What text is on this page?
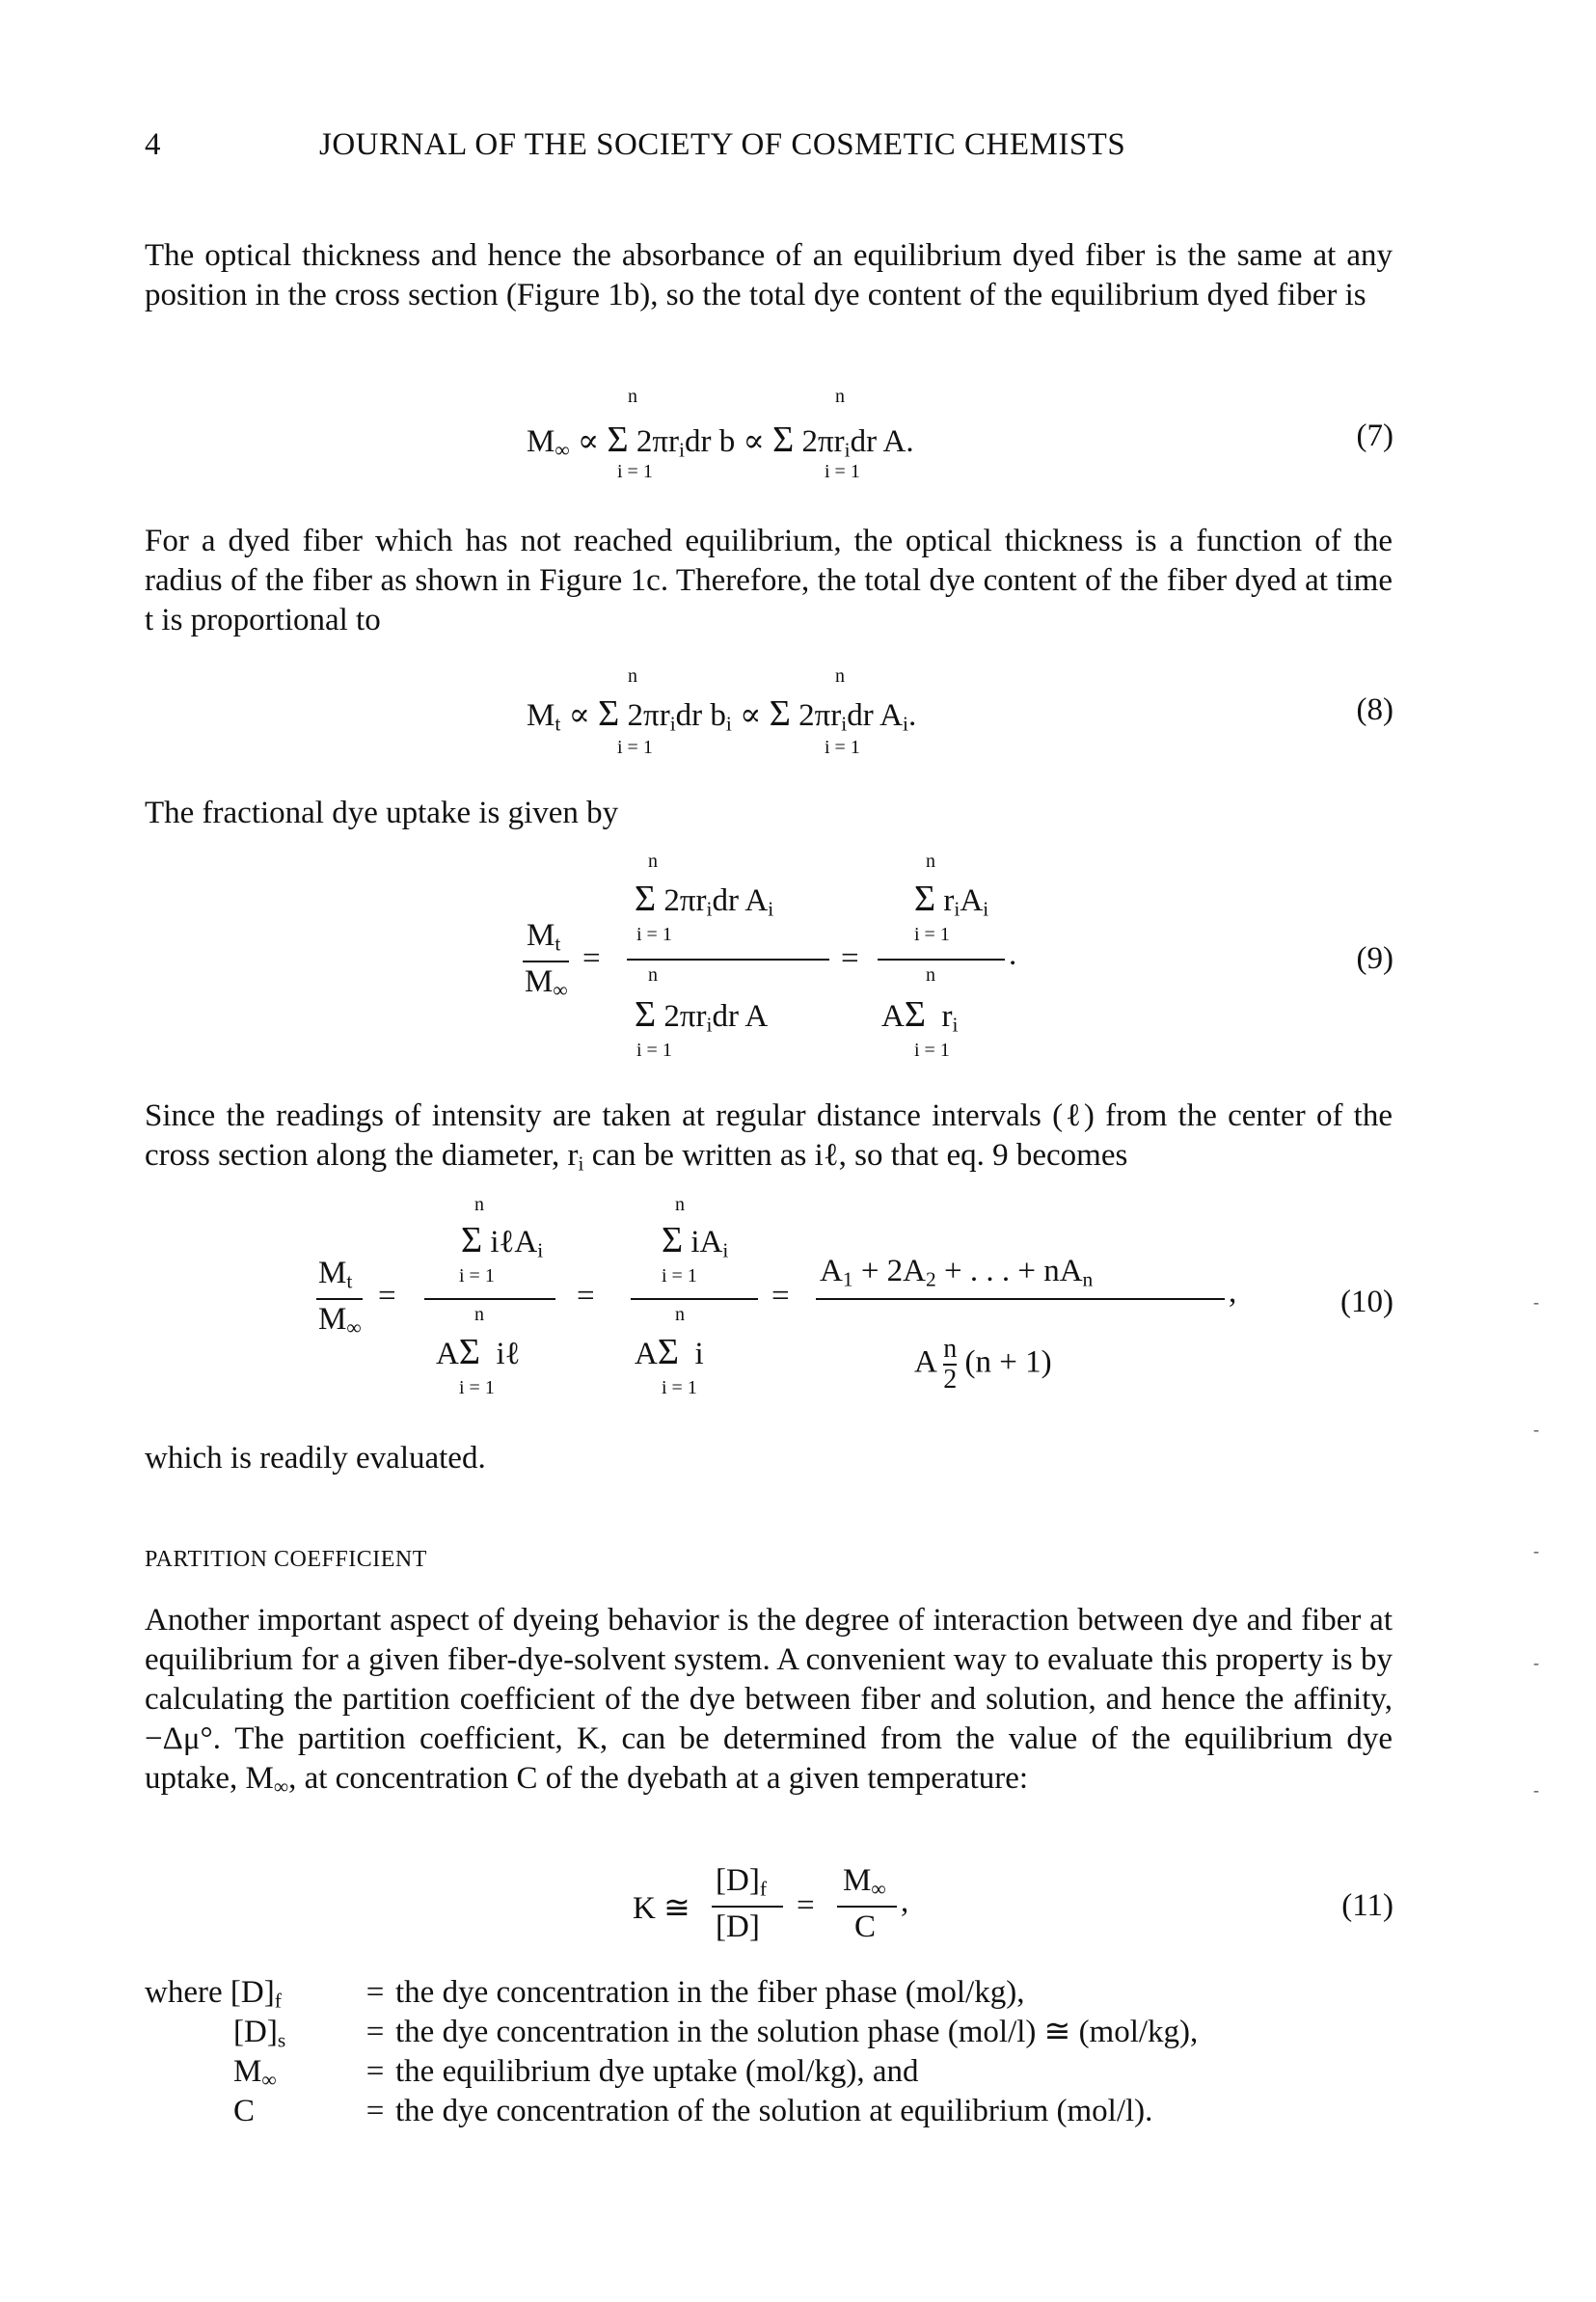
4	JOURNAL OF THE SOCIETY OF COSMETIC CHEMISTS
The optical thickness and hence the absorbance of an equilibrium dyed fiber is the same at any position in the cross section (Figure 1b), so the total dye content of the equilibrium dyed fiber is
n
i = 1
n
i = 1
$M_\infty \propto \Sigma$ $2\pi r_idr$ b ∝ Σ $2\pi r_idr$ A.	(7)
For a dyed fiber which has not reached equilibrium, the optical thickness is a function of the radius of the fiber as shown in Figure 1c. Therefore, the total dye content of the fiber dyed at time t is proportional to
n
i = 1
n
i = 1
$M_t \propto \Sigma$ $2\pi r_idr$ $b_i \propto \Sigma$ $2\pi r_idr$ $A_i$.	(8)
The fractional dye uptake is given by
$M_t$
$M_\infty$
=
n
Σ $2\pi r_idr$ $A_i$
i = 1
n
Σ $2\pi r_idr$ A
i = 1
=
n
Σ $r_iA_i$
i = 1
.
n
AΣ  $r_i$
i = 1
(9)
Since the readings of intensity are taken at regular distance intervals (ℓ) from the center of the cross section along the diameter, $r_i$ can be written as iℓ, so that eq. 9 becomes
$M_t$
$M_\infty$
=
n
Σ iℓA$_i$
i = 1
n
AΣ  iℓ
i = 1
=
n
Σ $iA_i$
i = 1
n
AΣ  i
i = 1
=
$A_1 + 2A_2$ + . . . + $nA_n$	,
A $\frac{n}{2} (n + 1)$
(10)
which is readily evaluated.
PARTITION COEFFICIENT
Another important aspect of dyeing behavior is the degree of interaction between dye and fiber at equilibrium for a given fiber-dye-solvent system. A convenient way to evaluate this property is by calculating the partition coefficient of the dye between fiber and solution, and hence the affinity, −Δμ°. The partition coefficient, K, can be determined from the value of the equilibrium dye uptake, $M_\infty$, at concentration C of the dyebath at a given temperature:
K ≅
$[D]_f$
[D]
=
$M_\infty$
C
,	(11)
where $[D]_f$	= the dye concentration in the fiber phase (mol/kg),
$[D]_s$	= the dye concentration in the solution phase (mol/l) ≅ (mol/kg),
$M_\infty$	= the equilibrium dye uptake (mol/kg), and
C	= the dye concentration of the solution at equilibrium (mol/l).
-
-
-
-
-
